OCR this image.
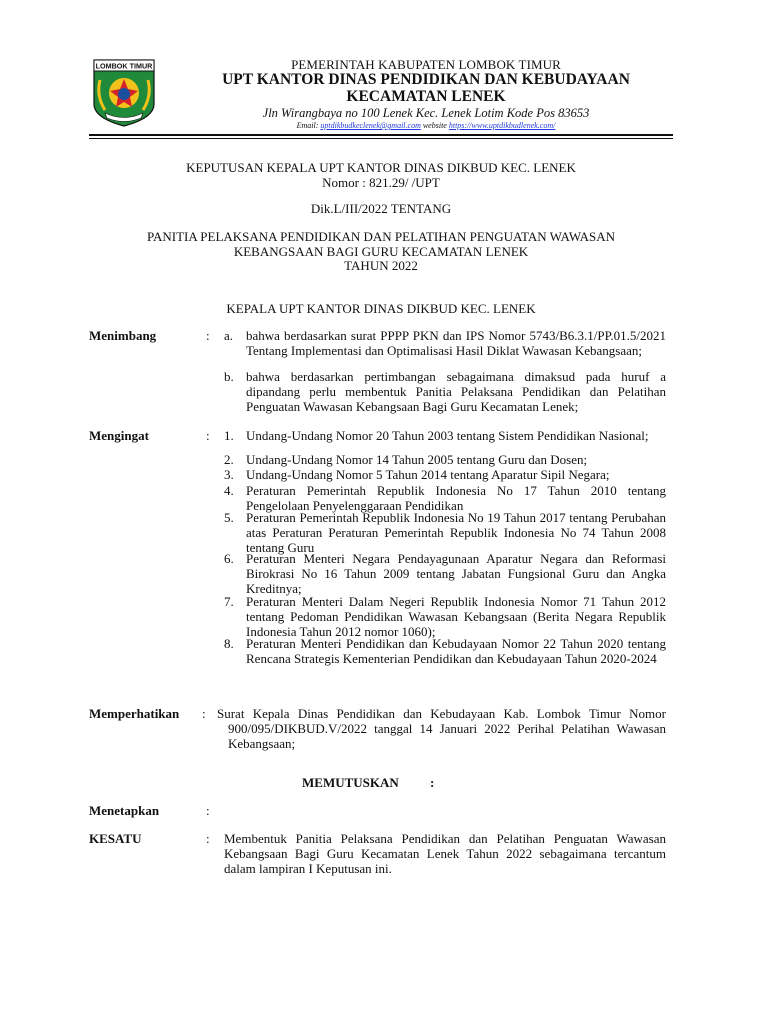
LOMBOK TIMUR	PEMERINTAH KABUPATEN LOMBOK TIMUR
UPT KANTOR DINAS PENDIDIKAN DAN KEBUDAYAAN
KECAMATAN LENEK
Jln Wirangbaya no 100 Lenek Kec. Lenek Lotim Kode Pos 83653
Email: uptdikbudkeclenek@gmail.com website https://www.uptdikbudlenek.com/
KEPUTUSAN KEPALA UPT KANTOR DINAS DIKBUD KEC. LENEK
Nomor : 821.29/ /UPT
Dik.L/III/2022 TENTANG
PANITIA PELAKSANA PENDIDIKAN DAN PELATIHAN PENGUATAN WAWASAN
KEBANGSAAN BAGI GURU KECAMATAN LENEK
TAHUN 2022
KEPALA UPT KANTOR DINAS DIKBUD KEC. LENEK
Menimbang	: a. bahwa berdasarkan surat PPPP PKN dan IPS Nomor 5743/B6.3.1/PP.01.5/2021 Tentang Implementasi dan Optimalisasi Hasil Diklat Wawasan Kebangsaan;
b. bahwa berdasarkan pertimbangan sebagaimana dimaksud pada huruf a dipandang perlu membentuk Panitia Pelaksana Pendidikan dan Pelatihan Penguatan Wawasan Kebangsaan Bagi Guru Kecamatan Lenek;
Mengingat	: 1. Undang-Undang Nomor 20 Tahun 2003 tentang Sistem Pendidikan Nasional;
2. Undang-Undang Nomor 14 Tahun 2005 tentang Guru dan Dosen;
3. Undang-Undang Nomor 5 Tahun 2014 tentang Aparatur Sipil Negara;
4. Peraturan Pemerintah Republik Indonesia No 17 Tahun 2010 tentang Pengelolaan Penyelenggaraan Pendidikan
5. Peraturan Pemerintah Republik Indonesia No 19 Tahun 2017 tentang Perubahan atas Peraturan Peraturan Pemerintah Republik Indonesia No 74 Tahun 2008 tentang Guru
6. Peraturan Menteri Negara Pendayagunaan Aparatur Negara dan Reformasi Birokrasi No 16 Tahun 2009 tentang Jabatan Fungsional Guru dan Angka Kreditnya;
7. Peraturan Menteri Dalam Negeri Republik Indonesia Nomor 71 Tahun 2012 tentang Pedoman Pendidikan Wawasan Kebangsaan (Berita Negara Republik Indonesia Tahun 2012 nomor 1060);
8. Peraturan Menteri Pendidikan dan Kebudayaan Nomor 22 Tahun 2020 tentang Rencana Strategis Kementerian Pendidikan dan Kebudayaan Tahun 2020-2024
Memperhatikan : Surat Kepala Dinas Pendidikan dan Kebudayaan Kab. Lombok Timur Nomor 900/095/DIKBUD.V/2022 tanggal 14 Januari 2022 Perihal Pelatihan Wawasan Kebangsaan;
MEMUTUSKAN :
Menetapkan	:
KESATU	: Membentuk Panitia Pelaksana Pendidikan dan Pelatihan Penguatan Wawasan Kebangsaan Bagi Guru Kecamatan Lenek Tahun 2022 sebagaimana tercantum dalam lampiran I Keputusan ini.
